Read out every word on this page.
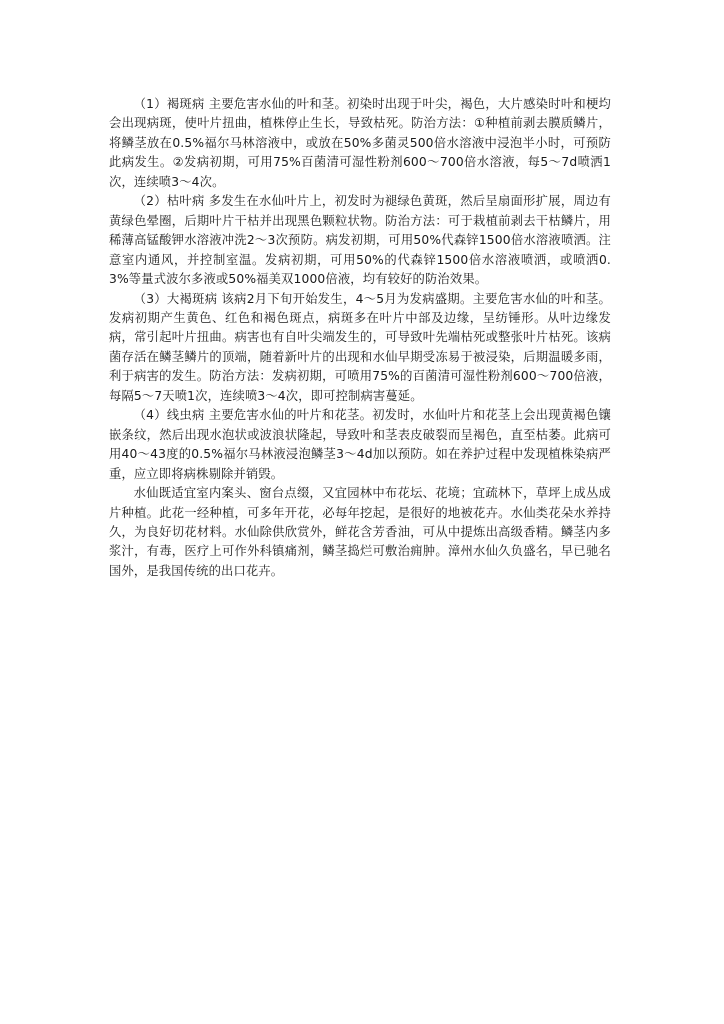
（1）褐斑病 主要危害水仙的叶和茎。初染时出现于叶尖，褐色，大片感染时叶和梗均会出现病斑，使叶片扭曲，植株停止生长，导致枯死。防治方法：①种植前剥去膜质鳞片，将鳞茎放在0.5%福尔马林溶液中，或放在50%多菌灵500倍水溶液中浸泡半小时，可预防此病发生。②发病初期，可用75%百菌清可湿性粉剂600～700倍水溶液，每5～7d喷洒1次，连续喷3～4次。

（2）枯叶病 多发生在水仙叶片上，初发时为褪绿色黄斑，然后呈扇面形扩展，周边有黄绿色晕圈，后期叶片干枯并出现黑色颗粒状物。防治方法：可于栽植前剥去干枯鳞片，用稀薄高锰酸钾水溶液冲洗2～3次预防。病发初期，可用50%代森锌1500倍水溶液喷洒。注意室内通风，并控制室温。发病初期，可用50%的代森锌1500倍水溶液喷洒，或喷洒0.3%等量式波尔多液或50%福美双1000倍液，均有较好的防治效果。

（3）大褐斑病 该病2月下旬开始发生，4～5月为发病盛期。主要危害水仙的叶和茎。发病初期产生黄色、红色和褐色斑点，病斑多在叶片中部及边缘，呈纺锤形。从叶边缘发病，常引起叶片扭曲。病害也有自叶尖端发生的，可导致叶先端枯死或整张叶片枯死。该病菌存活在鳞茎鳞片的顶端，随着新叶片的出现和水仙早期受冻易于被浸染，后期温暖多雨，利于病害的发生。防治方法：发病初期，可喷用75%的百菌清可湿性粉剂600～700倍液，每隔5～7天喷1次，连续喷3～4次，即可控制病害蔓延。

（4）线虫病 主要危害水仙的叶片和花茎。初发时，水仙叶片和花茎上会出现黄褐色镶嵌条纹，然后出现水泡状或波浪状隆起，导致叶和茎表皮破裂而呈褐色，直至枯萎。此病可用40～43度的0.5%福尔马林液浸泡鳞茎3～4d加以预防。如在养护过程中发现植株染病严重，应立即将病株剔除并销毁。

水仙既适宜室内案头、窗台点缀，又宜园林中布花坛、花境；宜疏林下，草坪上成丛成片种植。此花一经种植，可多年开花，必每年挖起，是很好的地被花卉。水仙类花朵水养持久，为良好切花材料。水仙除供欣赏外，鲜花含芳香油，可从中提炼出高级香精。鳞茎内多浆汁，有毒，医疗上可作外科镇痛剂，鳞茎捣烂可敷治痈肿。漳州水仙久负盛名，早已驰名国外，是我国传统的出口花卉。
